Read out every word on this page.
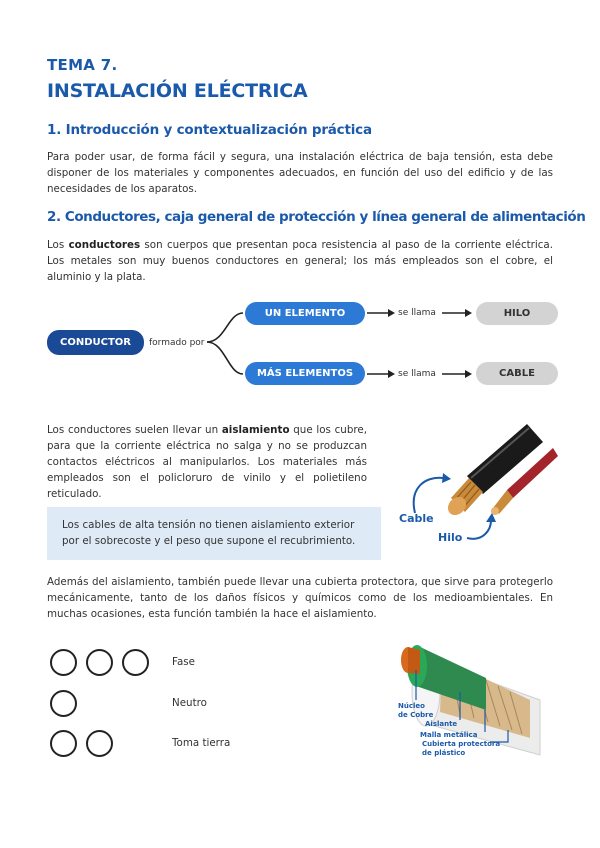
TEMA 7.
INSTALACIÓN ELÉCTRICA
1. Introducción y contextualización práctica
Para poder usar, de forma fácil y segura, una instalación eléctrica de baja tensión, esta debe disponer de los materiales y componentes adecuados, en función del uso del edificio y de las necesidades de los aparatos.
2. Conductores, caja general de protección y línea general de alimentación
Los conductores son cuerpos que presentan poca resistencia al paso de la corriente eléctrica. Los metales son muy buenos conductores en general; los más empleados son el cobre, el aluminio y la plata.
CONDUCTOR	formado por
UN ELEMENTO
MÁS ELEMENTOS
se llama
se llama
HILO
CABLE
Los conductores suelen llevar un aislamiento que los cubre, para que la corriente eléctrica no salga y no se produzcan contactos eléctricos al manipularlos. Los materiales más empleados son el policloruro de vinilo y el polietileno reticulado.
Los cables de alta tensión no tienen aislamiento exterior por el sobrecoste y el peso que supone el recubrimiento.
Cable
Hilo
Además del aislamiento, también puede llevar una cubierta protectora, que sirve para protegerlo mecánicamente, tanto de los daños físicos y químicos como de los medioambientales. En muchas ocasiones, esta función también la hace el aislamiento.
Fase
Neutro
Toma tierra
Núcleo
de Cobre
Aislante
Malla metálica
Cubierta protectora
de plástico
